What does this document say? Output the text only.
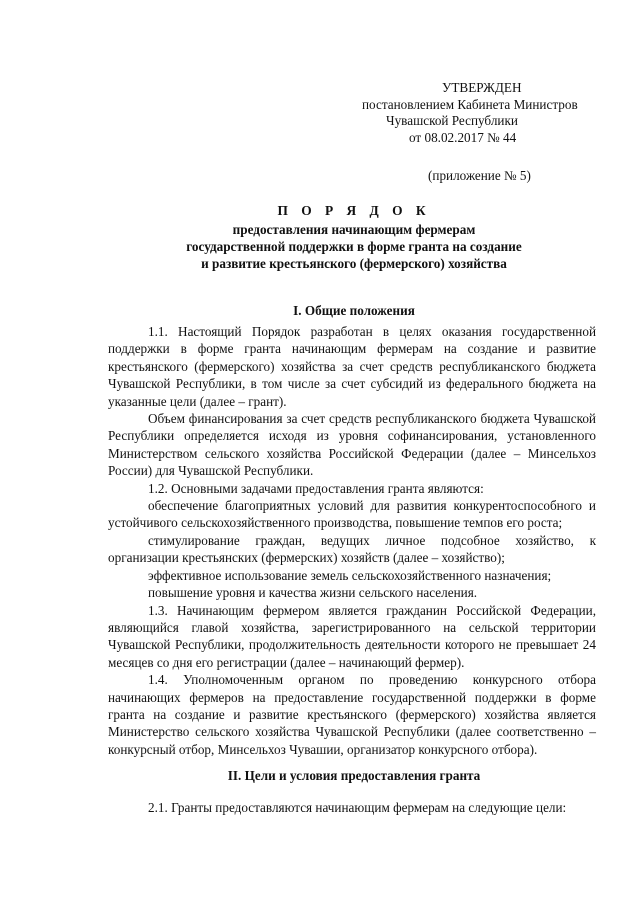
УТВЕРЖДЕН
постановлением Кабинета Министров
Чувашской Республики
от 08.02.2017 № 44
(приложение № 5)
П О Р Я Д О К
предоставления начинающим фермерам
государственной поддержки в форме гранта на создание
и развитие крестьянского (фермерского) хозяйства
I. Общие положения

1.1. Настоящий Порядок разработан в целях оказания государственной поддержки в форме гранта начинающим фермерам на создание и развитие крестьянского (фермерского) хозяйства за счет средств республиканского бюджета Чувашской Республики, в том числе за счет субсидий из федерального бюджета на указанные цели (далее – грант).

Объем финансирования за счет средств республиканского бюджета Чувашской Республики определяется исходя из уровня софинансирования, установленного Министерством сельского хозяйства Российской Федерации (далее – Минсельхоз России) для Чувашской Республики.

1.2. Основными задачами предоставления гранта являются:

обеспечение благоприятных условий для развития конкурентоспособного и устойчивого сельскохозяйственного производства, повышение темпов его роста;

стимулирование граждан, ведущих личное подсобное хозяйство, к организации крестьянских (фермерских) хозяйств (далее – хозяйство);

эффективное использование земель сельскохозяйственного назначения;

повышение уровня и качества жизни сельского населения.

1.3. Начинающим фермером является гражданин Российской Федерации, являющийся главой хозяйства, зарегистрированного на сельской территории Чувашской Республики, продолжительность деятельности которого не превышает 24 месяцев со дня его регистрации (далее – начинающий фермер).

1.4. Уполномоченным органом по проведению конкурсного отбора начинающих фермеров на предоставление государственной поддержки в форме гранта на создание и развитие крестьянского (фермерского) хозяйства является Министерство сельского хозяйства Чувашской Республики (далее соответственно – конкурсный отбор, Минсельхоз Чувашии, организатор конкурсного отбора).

II. Цели и условия предоставления гранта

2.1. Гранты предоставляются начинающим фермерам на следующие цели:
